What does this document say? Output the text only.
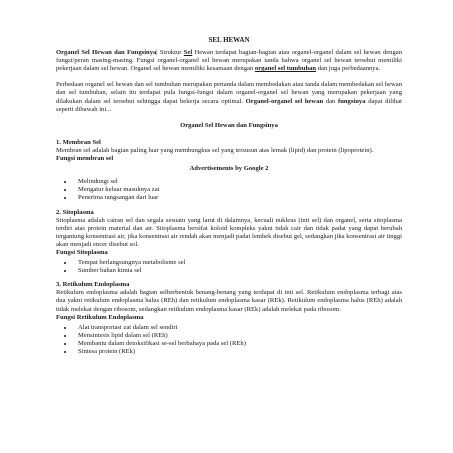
SEL HEWAN

Organel Sel Hewan dan Fungsinya| Struktur Sel Hewan terdapat bagian-bagian atau organel-organel dalam sel hewan dengan fungsi/peran masing-masing. Fungsi organel-organel sel hewan merupakan tanda bahwa organel sel hewan tersebut memiliki pekerjaan dalam sel hewan. Organel sel hewan memiliki kesamaan dengan organel sel tumbuhan dan juga perbedaannya.

Perbedaan organel sel hewan dan sel tumbuhan merupakan pertanda dalam membedakan atau tanda dalam membedakan sel hewan dan sel tumbuhan, selain itu terdapat pula fungsi-fungsi dalam organel-organel sel hewan yang merupakan pekerjaan yang dilakukan dalam sel tersebut sehingga dapat bekerja secara optimal. Organel-organel sel hewan dan fungsinya dapat dilihat seperti dibawah ini...

Organel Sel Hewan dan Fungsinya
1. Membran Sel

Membran sel adalah bagian paling luar yang membungkus sel yang tersusun atas lemak (lipid) dan protein (lipoprotein).

Fungsi membran sel
Advertisements by Google 2
• Melindungi sel
• Mengatur keluar masuknya zat
• Penerima rangsangan dari luar
2. Sitoplasma

Sitoplasma adalah cairan sel dan segala sesuatu yang larut di dalamnya, kecuali nukleus (inti sel) dan organel, serta sitoplasma terdiri atas protein material dan air. Sitoplasma bersifat koloid kompleks yakni tidak cair dan tidak padat yang dapat berubah tergantung konsentrasi air, jika konsentrasi air rendah akan menjadi padat lembek disebut gel, sedangkan jika konsentrasi air tinggi akan menjadi encer disebut sol.

Fungsi Sitoplasma
• Tempat berlangsungnya metabolisme sel
• Sumber bahan kimia sel
3. Retikulum Endoplasma

Retikulum endoplasma adalah bagian selberbentuk benang-benang yang terdapat di inti sel. Retikulum endoplasma terbagi atas dua yakni retikulum endoplasma halus (REh) dan retikulum endoplasma kasar (REk). Retikulum endoplasma halus (REh) adalah tidak melekat dengan ribosom, sedangkan retikulum endoplasma kasar (REk) adalah melekat pada ribosom.

Fungsi Retikulum Endoplasma
• Alat transportasi zat dalam sel sendiri
• Mensintesis lipid dalam sel (REh)
• Membantu dalam detoksifikasi se-sel berbahaya pada sel (REh)
• Sintesa protein (REk)
